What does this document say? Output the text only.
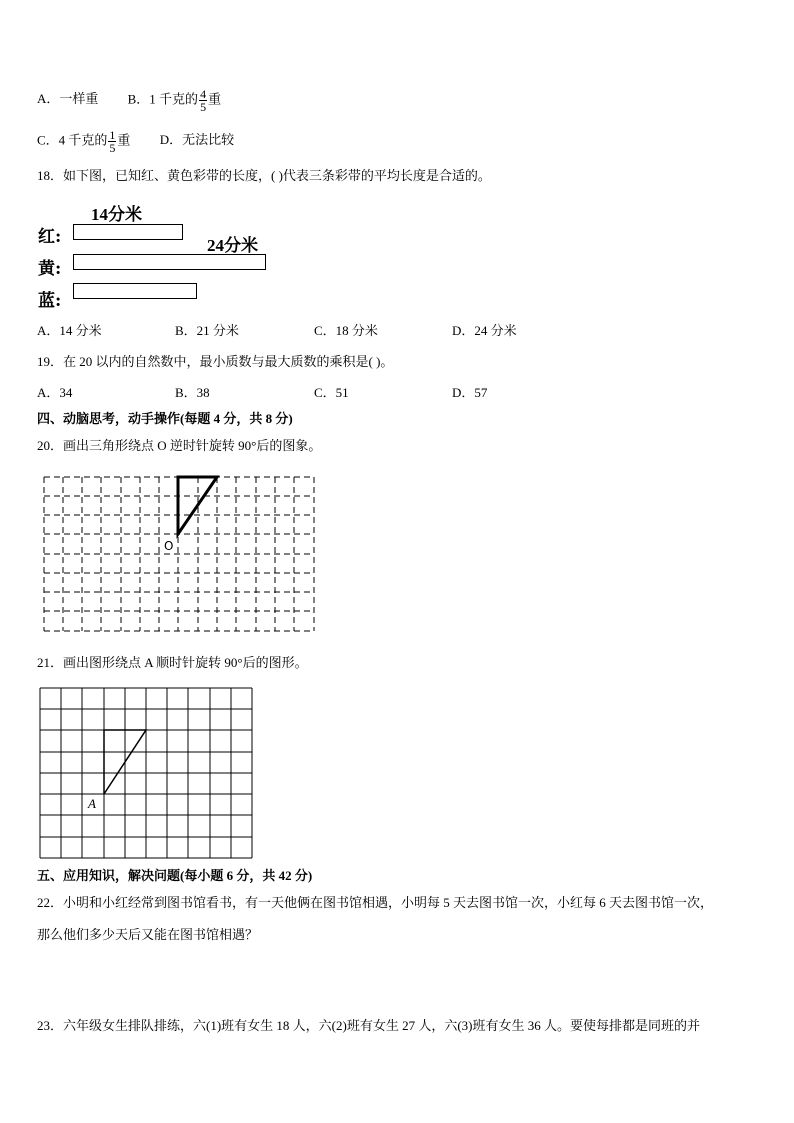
A．一样重 B．1 千克的 $\frac{4}{5}$ 重
C．4 千克的 $\frac{1}{5}$ 重 D．无法比较
18．如下图，已知红、黄色彩带的长度，( )代表三条彩带的平均长度是合适的。
14分米
红:	24分米
黄:
蓝:
A．14 分米	B．21 分米	C．18 分米	D．24 分米
19．在 20 以内的自然数中，最小质数与最大质数的乘积是( )。
A．34	B．38	C．51	D．57
四、动脑思考，动手操作(每题 4 分，共 8 分)
20．画出三角形绕点 O 逆时针旋转 90°后的图象。
O
21．画出图形绕点 A 顺时针旋转 90°后的图形。
A
五、应用知识，解决问题(每小题 6 分，共 42 分)
22．小明和小红经常到图书馆看书，有一天他俩在图书馆相遇，小明每 5 天去图书馆一次，小红每 6 天去图书馆一次，
那么他们多少天后又能在图书馆相遇？
23．六年级女生排队排练，六(1)班有女生 18 人，六(2)班有女生 27 人，六(3)班有女生 36 人。要使每排都是同班的并
